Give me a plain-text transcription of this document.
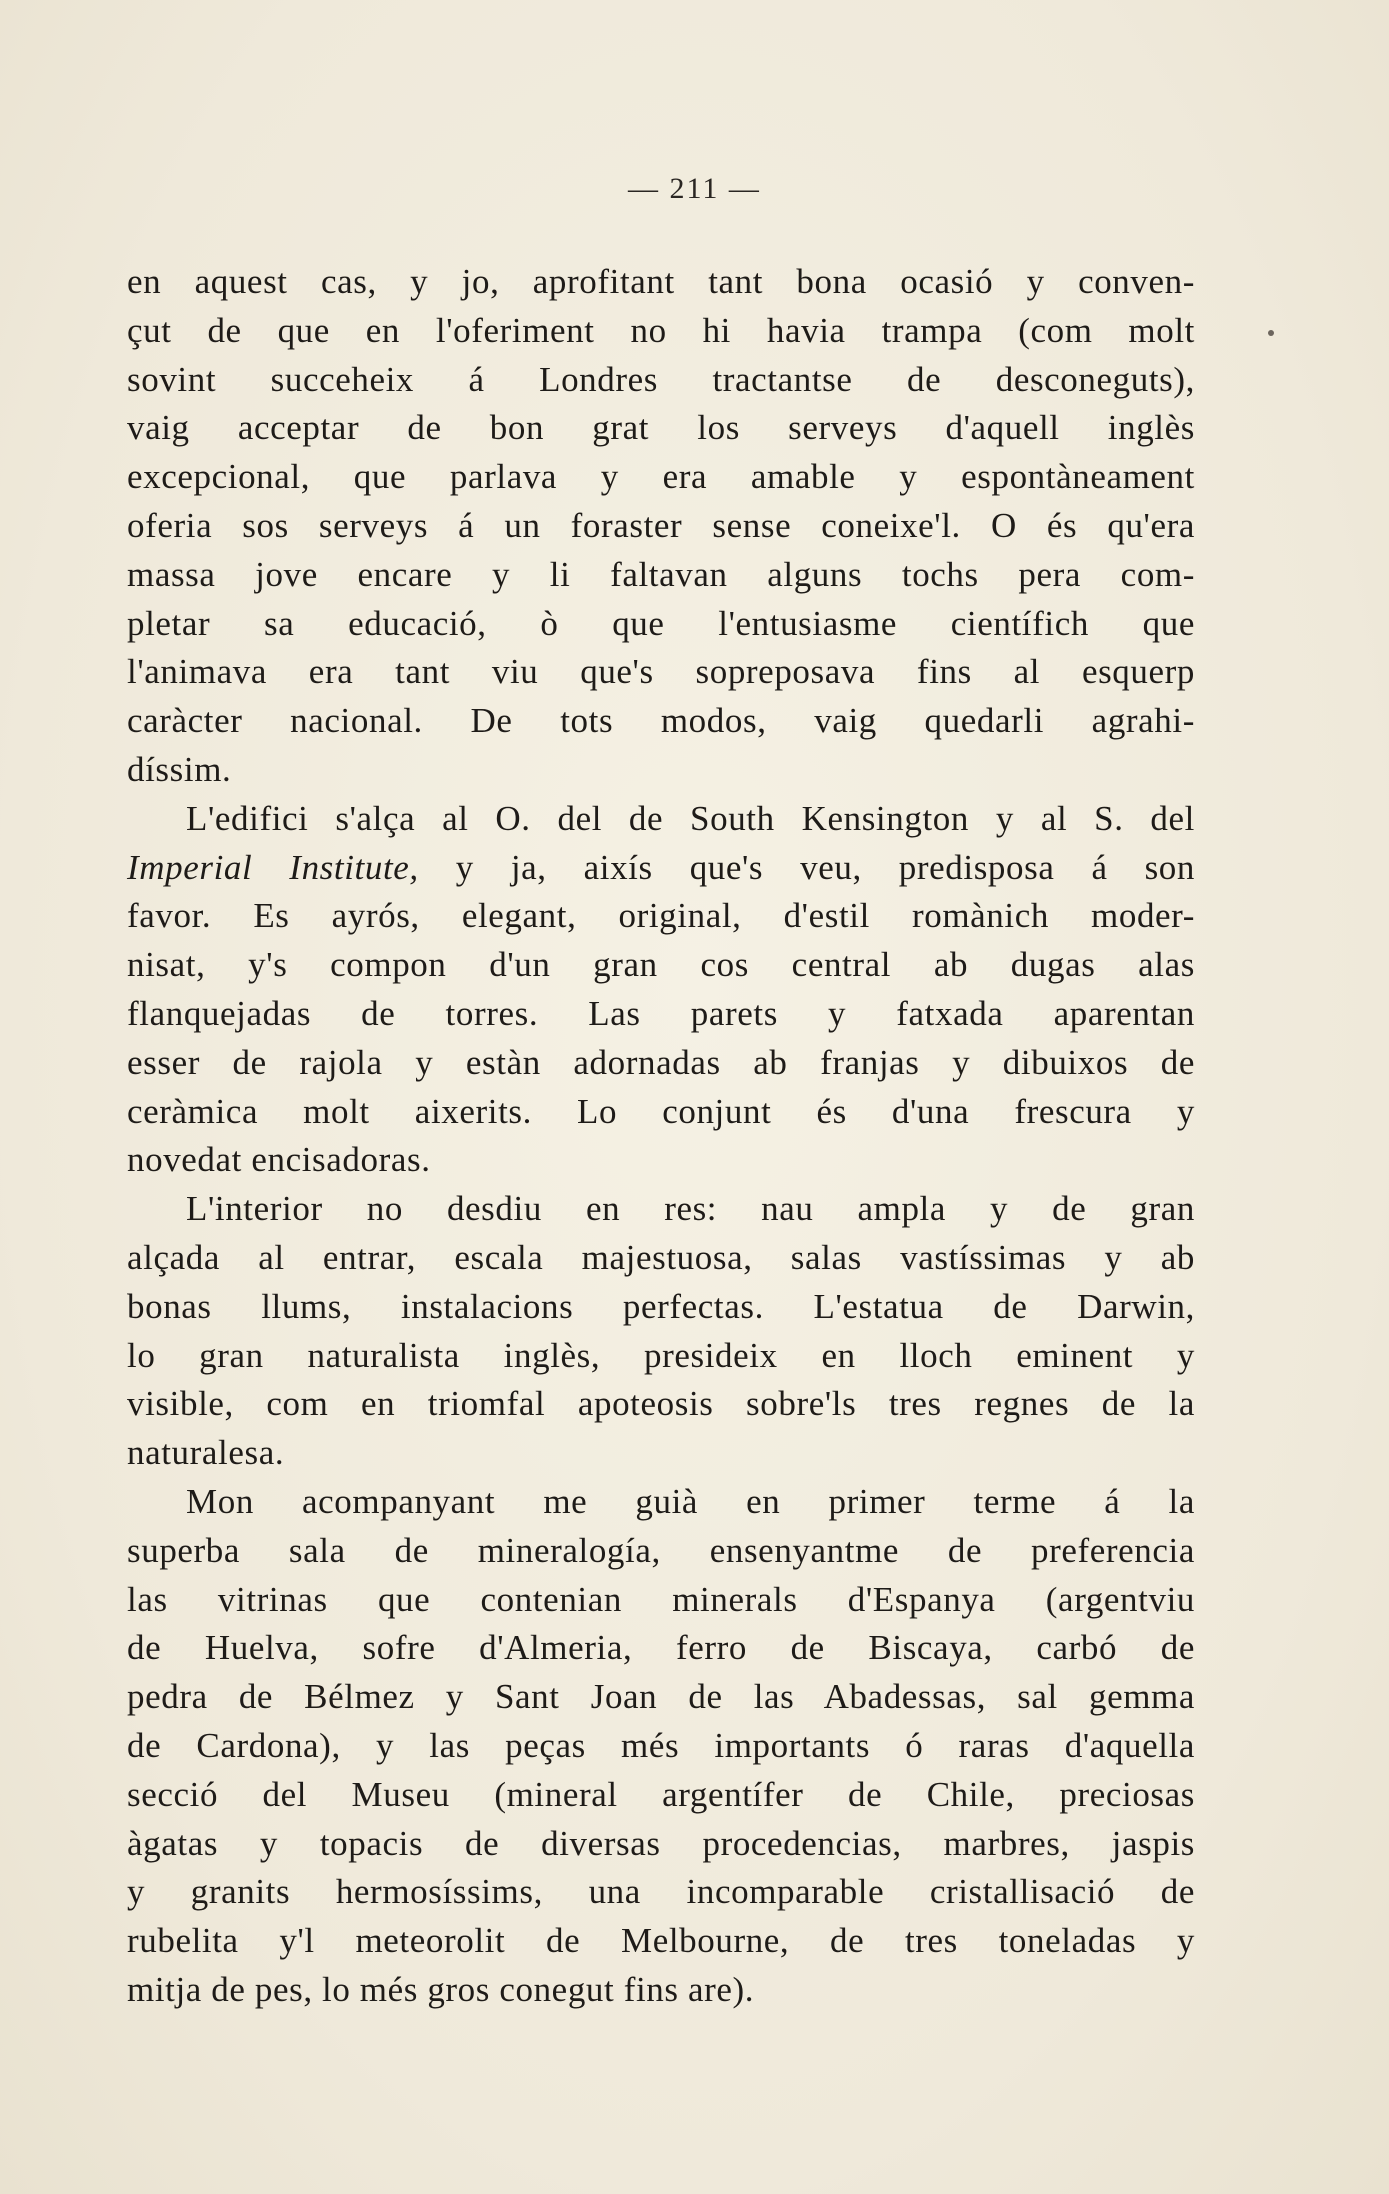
— 211 —
en aquest cas, y jo, aprofitant tant bona ocasió y conven-
çut de que en l'oferiment no hi havia trampa (com molt
sovint succeheix á Londres tractantse de desconeguts),
vaig acceptar de bon grat los serveys d'aquell inglès
excepcional, que parlava y era amable y espontàneament
oferia sos serveys á un foraster sense coneixe'l. O és qu'era
massa jove encare y li faltavan alguns tochs pera com-
pletar sa educació, ò que l'entusiasme científich que
l'animava era tant viu que's sopreposava fins al esquerp
caràcter nacional. De tots modos, vaig quedarli agrahi-
díssim.
L'edifici s'alça al O. del de South Kensington y al S. del
Imperial Institute, y ja, aixís que's veu, predisposa á son
favor. Es ayrós, elegant, original, d'estil romànich moder-
nisat, y's compon d'un gran cos central ab dugas alas
flanquejadas de torres. Las parets y fatxada aparentan
esser de rajola y estàn adornadas ab franjas y dibuixos de
ceràmica molt aixerits. Lo conjunt és d'una frescura y
novedat encisadoras.
L'interior no desdiu en res: nau ampla y de gran
alçada al entrar, escala majestuosa, salas vastíssimas y ab
bonas llums, instalacions perfectas. L'estatua de Darwin,
lo gran naturalista inglès, presideix en lloch eminent y
visible, com en triomfal apoteosis sobre'ls tres regnes de la
naturalesa.
Mon acompanyant me guià en primer terme á la
superba sala de mineralogía, ensenyantme de preferencia
las vitrinas que contenian minerals d'Espanya (argentviu
de Huelva, sofre d'Almeria, ferro de Biscaya, carbó de
pedra de Bélmez y Sant Joan de las Abadessas, sal gemma
de Cardona), y las peças més importants ó raras d'aquella
secció del Museu (mineral argentífer de Chile, preciosas
àgatas y topacis de diversas procedencias, marbres, jaspis
y granits hermosíssims, una incomparable cristallisació de
rubelita y'l meteorolit de Melbourne, de tres toneladas y
mitja de pes, lo més gros conegut fins are).
